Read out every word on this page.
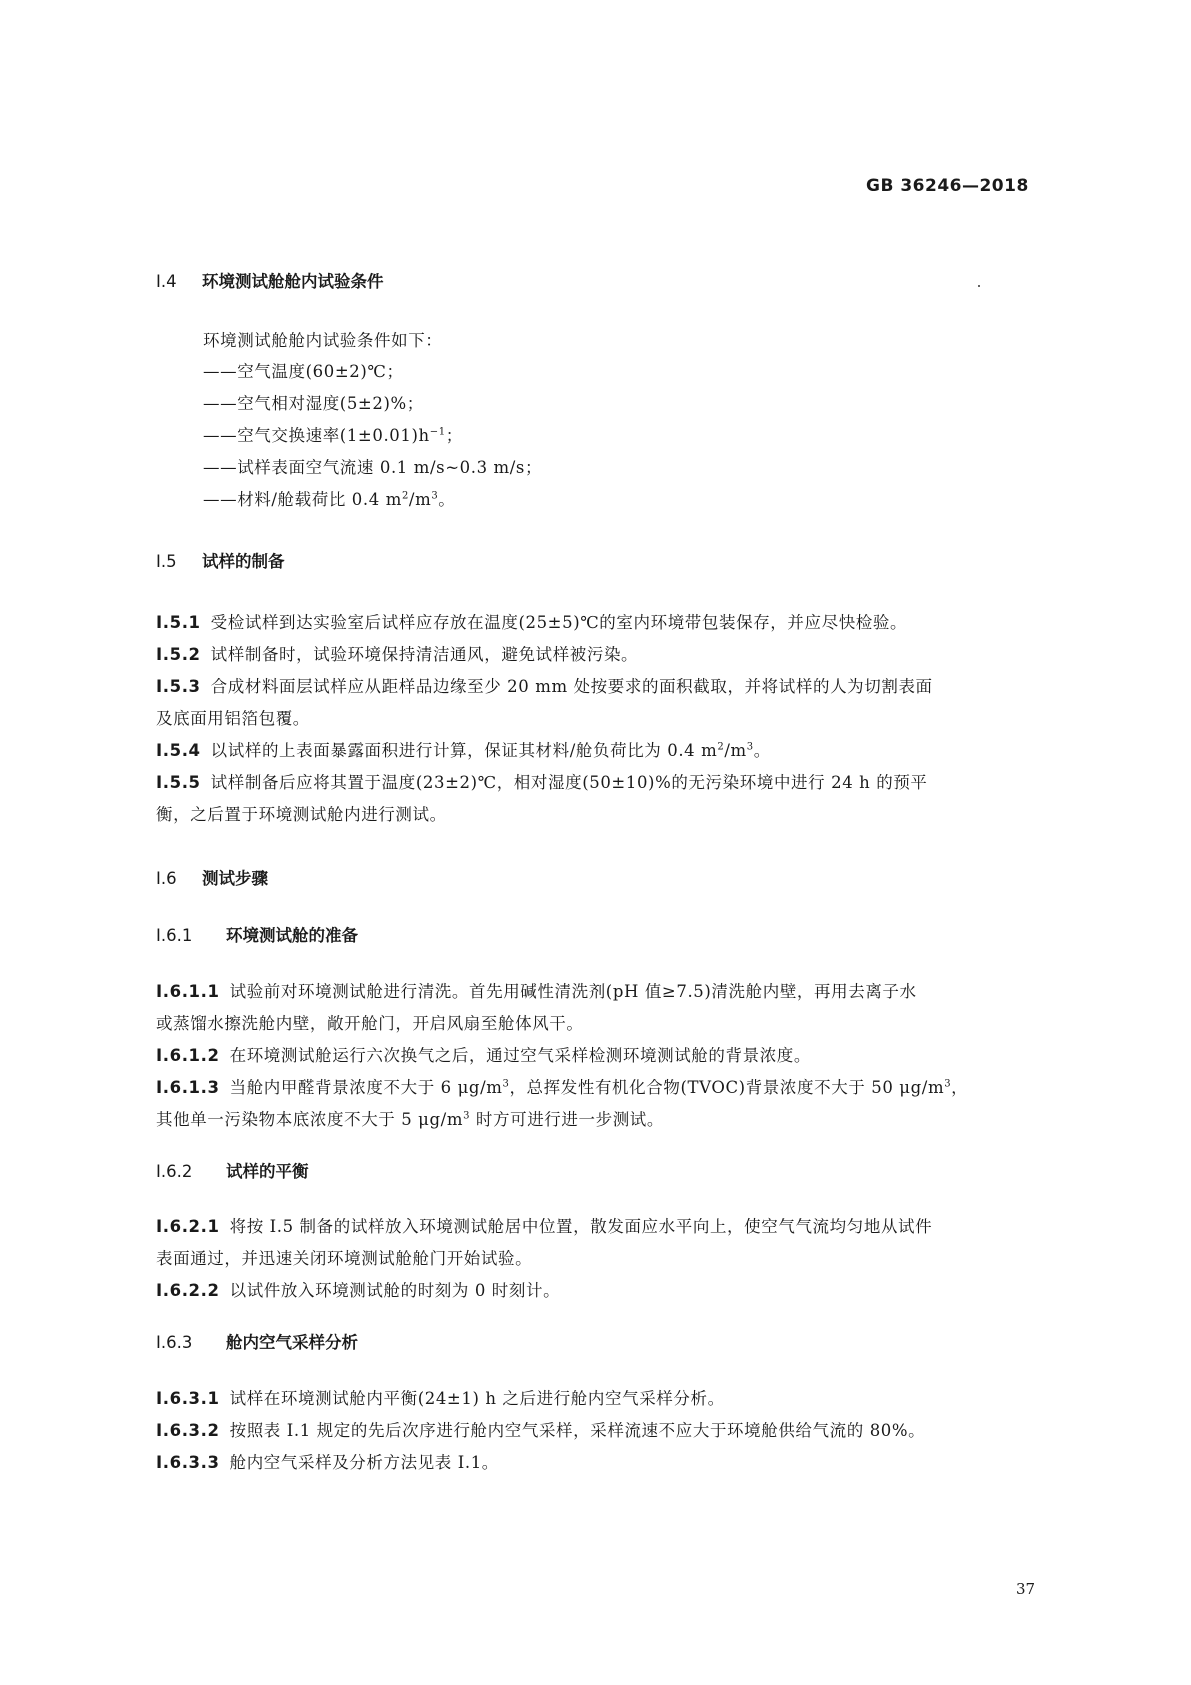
GB 36246—2018
I.4 环境测试舱舱内试验条件
环境测试舱舱内试验条件如下：
——空气温度(60±2)℃；
——空气相对湿度(5±2)%；
——空气交换速率$(1\pm 0.01)h^{-1}$；
——试样表面空气流速 0.1 m/s~0.3 m/s；
——材料/舱载荷比 0.4 $m^2/m^3$。
I.5 试样的制备
I.5.1 受检试样到达实验室后试样应存放在温度(25±5)℃的室内环境带包装保存，并应尽快检验。
I.5.2 试样制备时，试验环境保持清洁通风，避免试样被污染。
I.5.3 合成材料面层试样应从距样品边缘至少 20 mm 处按要求的面积截取，并将试样的人为切割表面
及底面用铝箔包覆。
I.5.4 以试样的上表面暴露面积进行计算，保证其材料/舱负荷比为 0.4 $m^2/m^3$。
I.5.5 试样制备后应将其置于温度(23±2)℃，相对湿度(50±10)%的无污染环境中进行 24 h 的预平
衡，之后置于环境测试舱内进行测试。
I.6 测试步骤
I.6.1 环境测试舱的准备
I.6.1.1 试验前对环境测试舱进行清洗。首先用碱性清洗剂(pH 值≥7.5)清洗舱内壁，再用去离子水
或蒸馏水擦洗舱内壁，敞开舱门，开启风扇至舱体风干。
I.6.1.2 在环境测试舱运行六次换气之后，通过空气采样检测环境测试舱的背景浓度。
I.6.1.3 当舱内甲醛背景浓度不大于 6 $\mu g/m^3$，总挥发性有机化合物(TVOC)背景浓度不大于 50 $\mu g/m^3$，
其他单一污染物本底浓度不大于 5 $\mu g/m^3$ 时方可进行进一步测试。
I.6.2 试样的平衡
I.6.2.1 将按 I.5 制备的试样放入环境测试舱居中位置，散发面应水平向上，使空气气流均匀地从试件
表面通过，并迅速关闭环境测试舱舱门开始试验。
I.6.2.2 以试件放入环境测试舱的时刻为 0 时刻计。
I.6.3 舱内空气采样分析
I.6.3.1 试样在环境测试舱内平衡(24±1) h 之后进行舱内空气采样分析。
I.6.3.2 按照表 I.1 规定的先后次序进行舱内空气采样，采样流速不应大于环境舱供给气流的 80%。
I.6.3.3 舱内空气采样及分析方法见表 I.1。
37
